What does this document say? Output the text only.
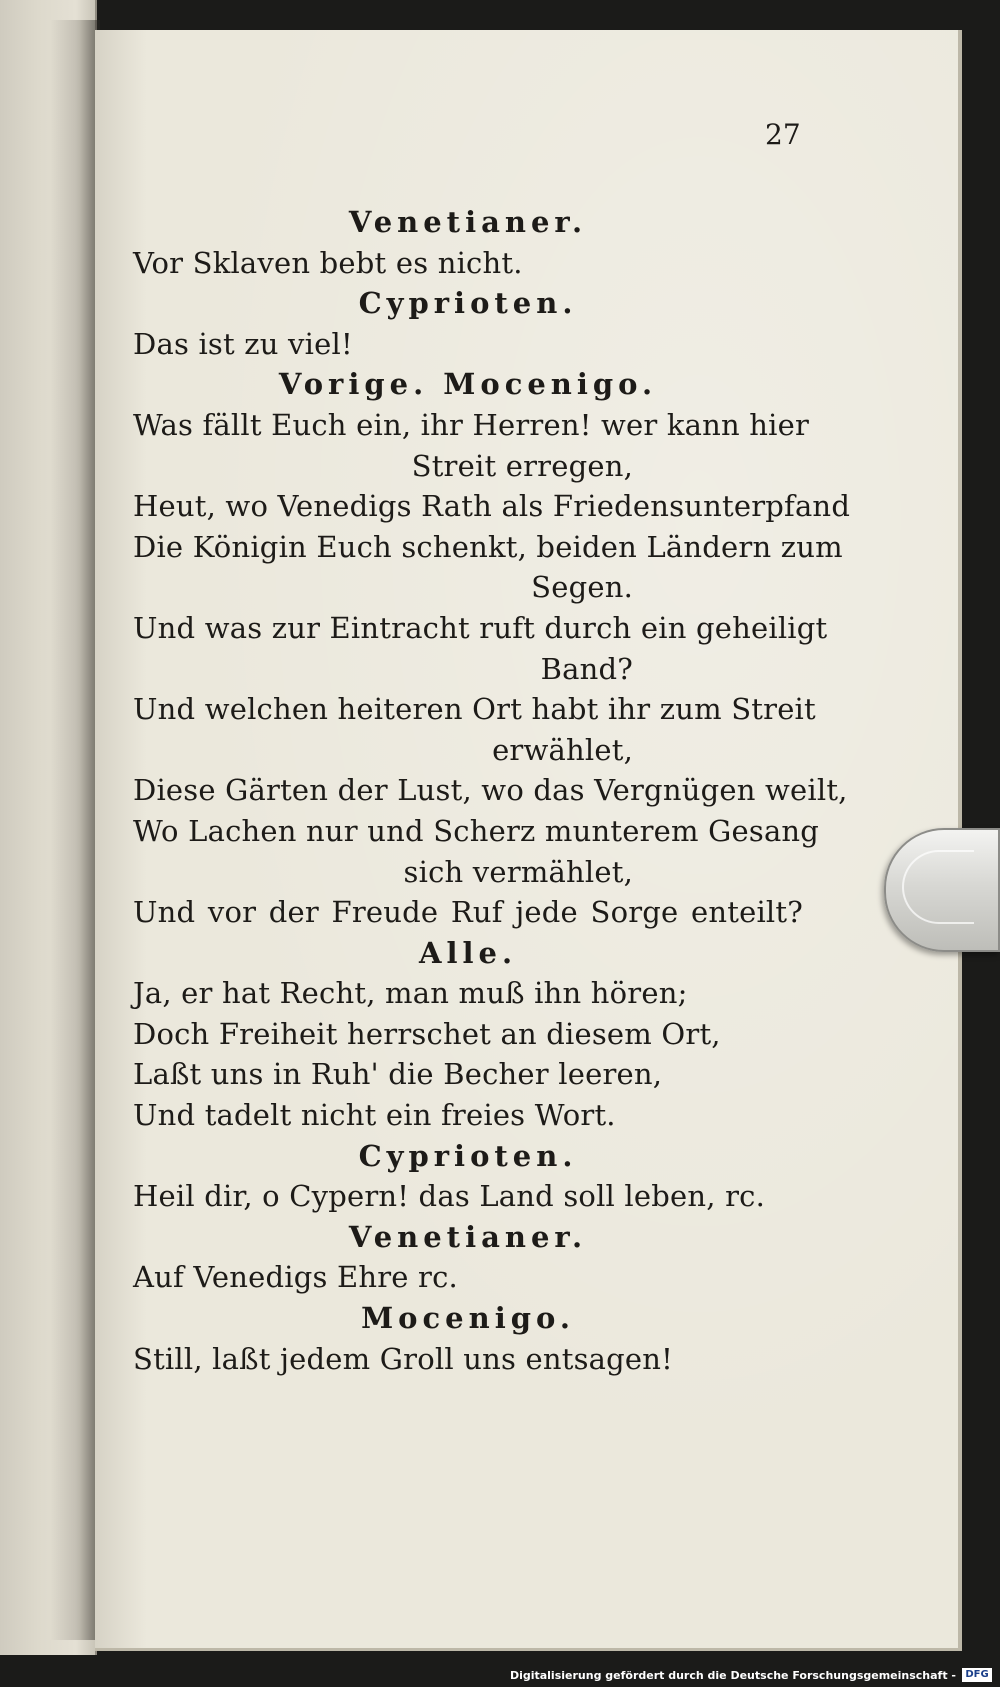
27
Venetianer.
Vor Sklaven bebt es nicht.
Cyprioten.
Das ist zu viel!
Vorige. Mocenigo.
Was fällt Euch ein, ihr Herren! wer kann hier
Streit erregen,
Heut, wo Venedigs Rath als Friedensunterpfand
Die Königin Euch schenkt, beiden Ländern zum
Segen.
Und was zur Eintracht ruft durch ein geheiligt
Band?
Und welchen heiteren Ort habt ihr zum Streit
erwählet,
Diese Gärten der Lust, wo das Vergnügen weilt,
Wo Lachen nur und Scherz munterem Gesang
sich vermählet,
Und vor der Freude Ruf jede Sorge enteilt?
Alle.
Ja, er hat Recht, man muß ihn hören;
Doch Freiheit herrschet an diesem Ort,
Laßt uns in Ruh' die Becher leeren,
Und tadelt nicht ein freies Wort.
Cyprioten.
Heil dir, o Cypern! das Land soll leben, rc.
Venetianer.
Auf Venedigs Ehre rc.
Mocenigo.
Still, laßt jedem Groll uns entsagen!
Digitalisierung gefördert durch die Deutsche Forschungsgemeinschaft - DFG
